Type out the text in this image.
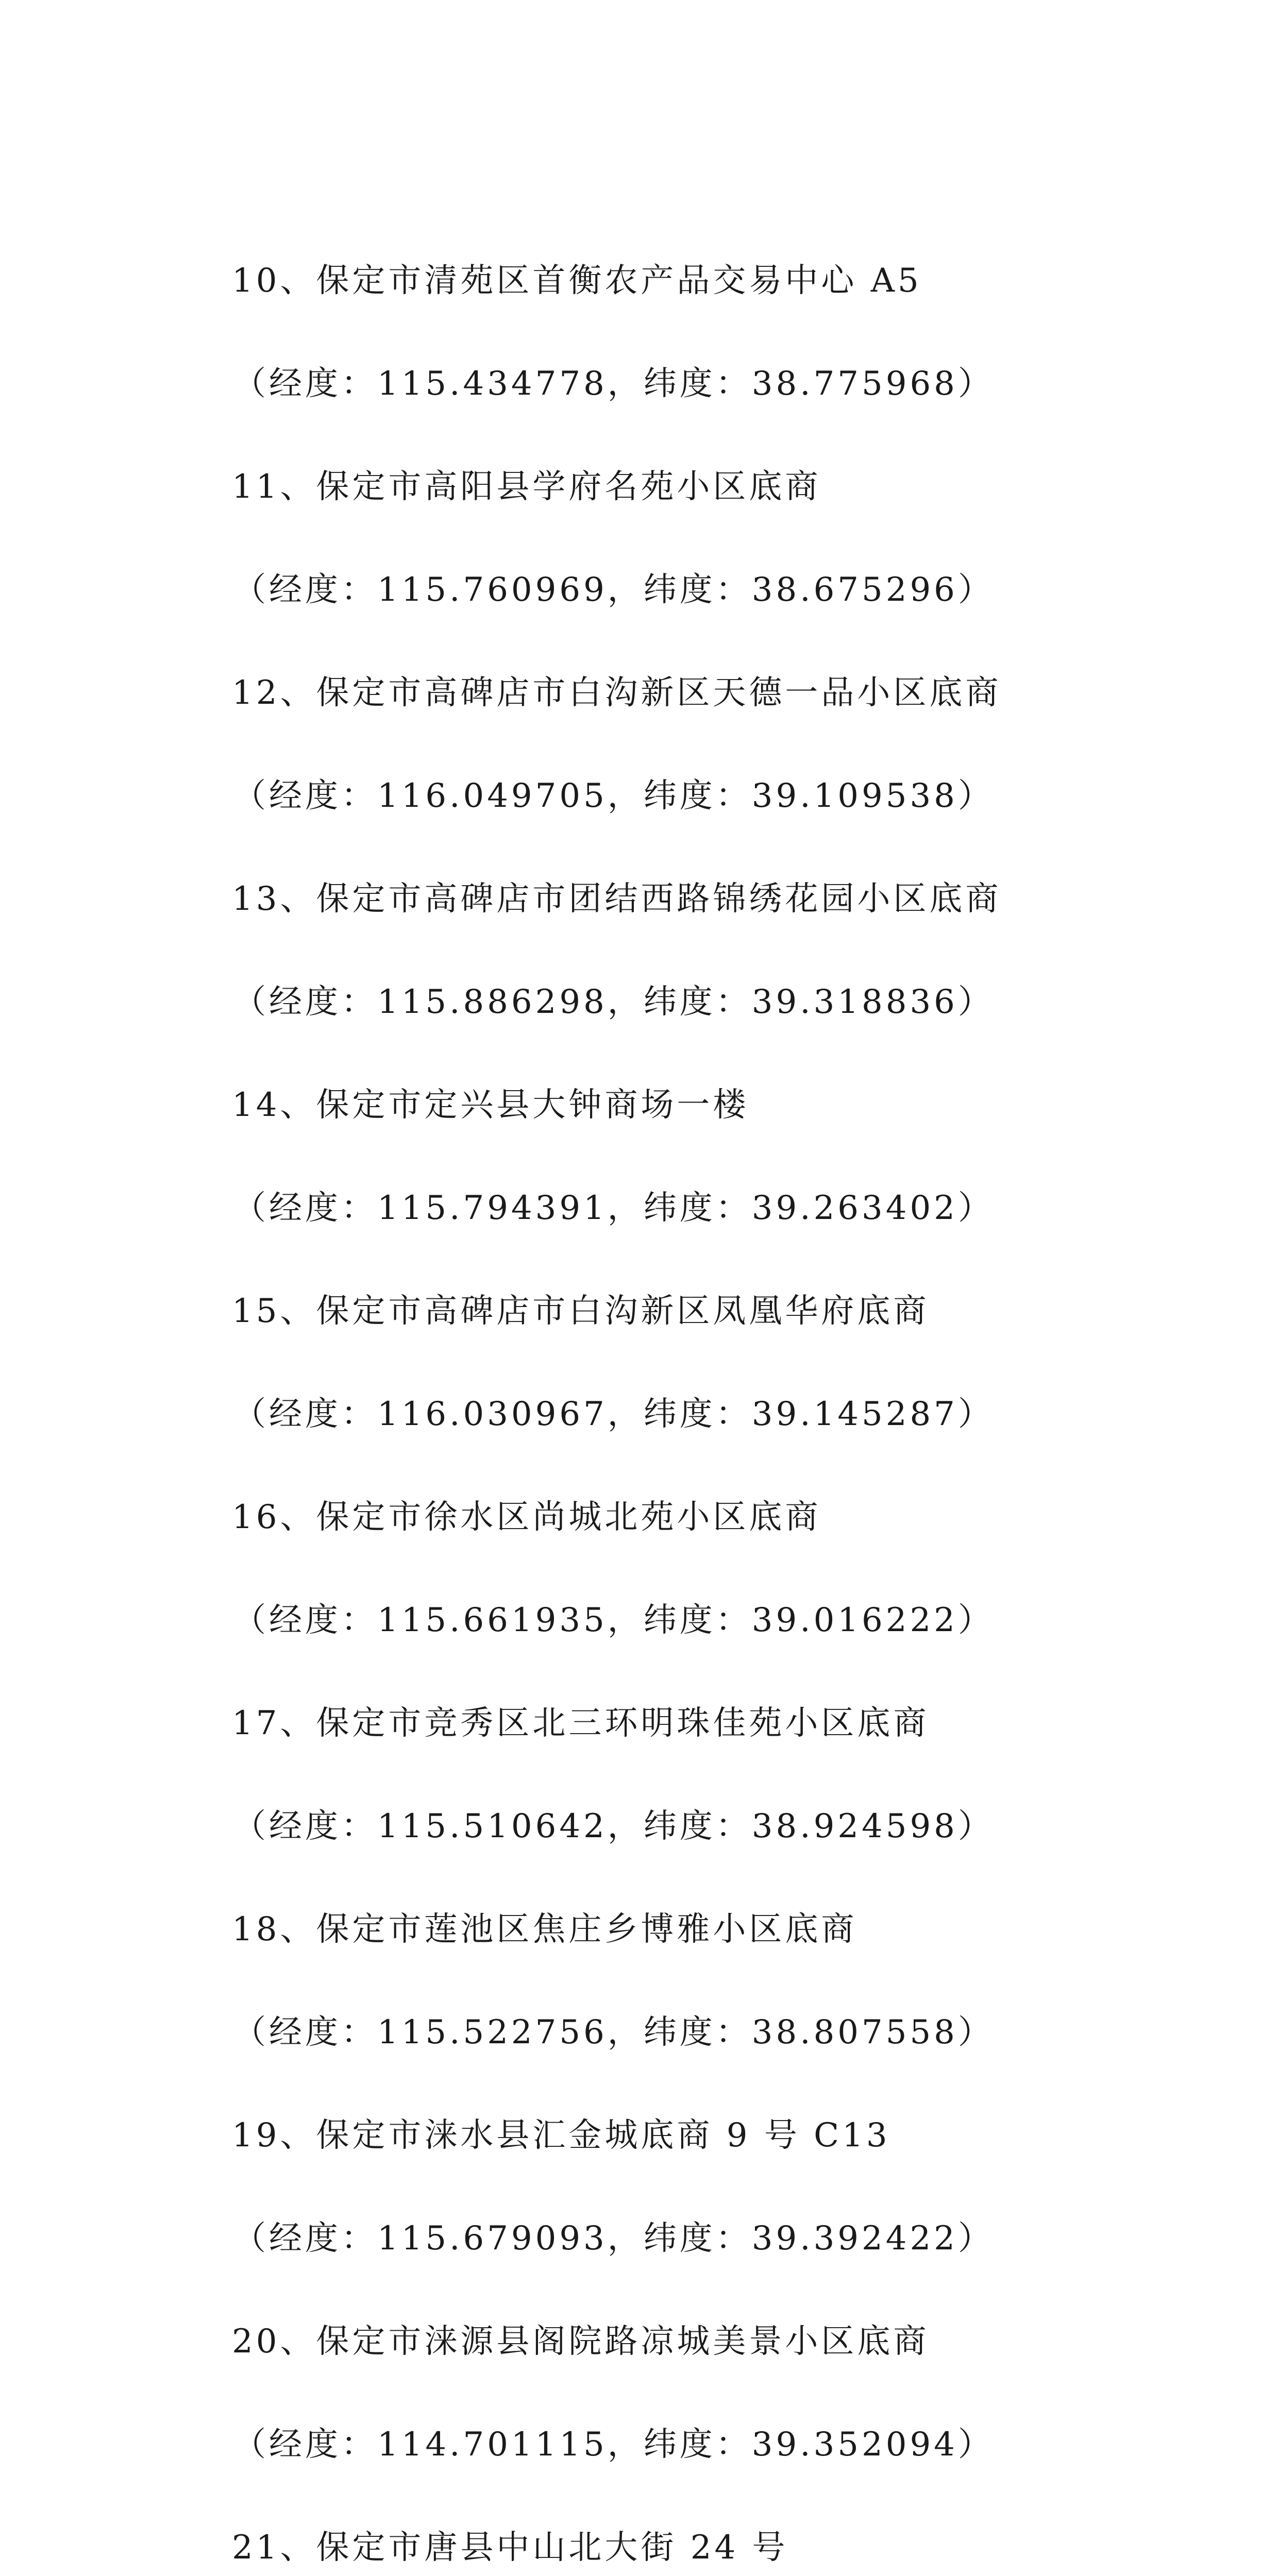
10、保定市清苑区首衡农产品交易中心 A5
（经度：115.434778，纬度：38.775968）
11、保定市高阳县学府名苑小区底商
（经度：115.760969，纬度：38.675296）
12、保定市高碑店市白沟新区天德一品小区底商
（经度：116.049705，纬度：39.109538）
13、保定市高碑店市团结西路锦绣花园小区底商
（经度：115.886298，纬度：39.318836）
14、保定市定兴县大钟商场一楼
（经度：115.794391，纬度：39.263402）
15、保定市高碑店市白沟新区凤凰华府底商
（经度：116.030967，纬度：39.145287）
16、保定市徐水区尚城北苑小区底商
（经度：115.661935，纬度：39.016222）
17、保定市竞秀区北三环明珠佳苑小区底商
（经度：115.510642，纬度：38.924598）
18、保定市莲池区焦庄乡博雅小区底商
（经度：115.522756，纬度：38.807558）
19、保定市涞水县汇金城底商 9 号 C13
（经度：115.679093，纬度：39.392422）
20、保定市涞源县阁院路凉城美景小区底商
（经度：114.701115，纬度：39.352094）
21、保定市唐县中山北大街 24 号
